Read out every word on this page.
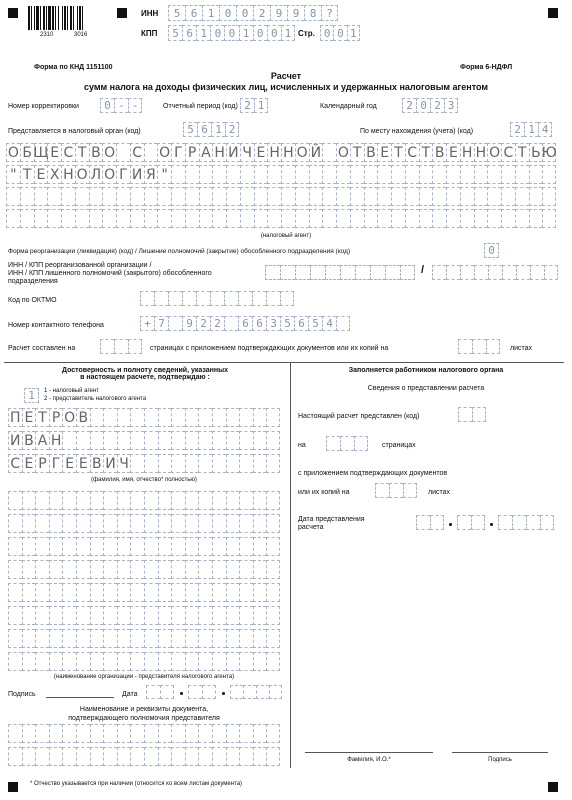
2310	3016
ИНН	5 6 1 0 0 2 9 9 8 ?
КПП	5 6 1 0 0 1 0 0 1 Стр. 0 0 1
Форма по КНД 1151100	Форма 6-НДФЛ
Расчет
сумм налога на доходы физических лиц, исчисленных и удержанных налоговым агентом
Номер корректировки	0 - -	Отчетный период (код) 2 1	Календарный год	2 0 2 3
Представляется в налоговый орган (код)	5 6 1 2	По месту нахождения (учета) (код)	2 1 4
О Б Щ Е С Т В О С О Г Р А Н И Ч Е Н Н О Й О Т В Е Т С Т В Е Н Н О С Т Ь Ю
" Т Е Х Н О Л О Г И Я "
(налоговый агент)
Форма реорганизации (ликвидация) (код) / Лишение полномочий (закрытие) обособленного подразделения (код)	0
ИНН / КПП реорганизованной организации /
ИНН / КПП лишенного полномочий (закрытого) обособленного
подразделения
/
Код по ОКТМО
Номер контактного телефона	+ 7	9 2 2	6 6 3 5 6 5 4
Расчет составлен на	страницах с приложением подтверждающих документов или их копий на	листах
Достоверность и полноту сведений, указанных
в настоящем расчете, подтверждаю :
1	1 - налоговый агент
2 - представитель налогового агента
П Е Т Р О В
И В А Н
С Е Р Г Е Е В И Ч
(фамилия, имя, отчество* полностью)
(наименование организации - представителя налогового агента)
Подпись	Дата
Наименование и реквизиты документа,
подтверждающего полномочия представителя
Заполняется работником налогового органа
Сведения о представлении расчета
Настоящий расчет представлен (код)
на	страницах
с приложением подтверждающих документов
или их копий на	листах
Дата представления
расчета
Фамилия, И.О.*	Подпись
* Отчество указывается при наличии (относится ко всем листам документа)
